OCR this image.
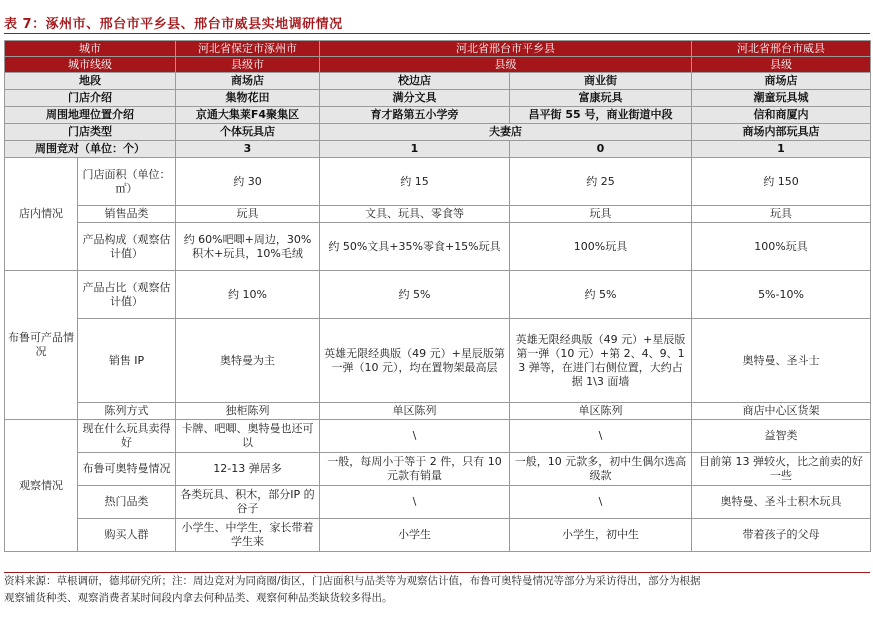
表 7：涿州市、邢台市平乡县、邢台市威县实地调研情况
城市		河北省保定市涿州市	河北省邢台市平乡县		河北省邢台市威县
城市线级		县级市	县级		县级
地段		商场店	校边店	商业街	商场店
门店介绍		集物花田	满分文具	富康玩具	潮童玩具城
周围地理位置介绍		京通大集莱F4聚集区	育才路第五小学旁	昌平街 55 号，商业街道中段	信和商厦内
门店类型		个体玩具店	夫妻店		商场内部玩具店
周围竞对（单位：个）		3	1	0	1
店内情况	门店面积（单位：㎡）	约 30	约 15	约 25	约 150
	销售品类	玩具	文具、玩具、零食等	玩具	玩具
	产品构成（观察估计值）	约 60%吧唧+周边，30%积木+玩具，10%毛绒	约 50%文具+35%零食+15%玩具	100%玩具	100%玩具
布鲁可产品情况	产品占比（观察估计值）	约 10%	约 5%	约 5%	5%-10%
	销售 IP	奥特曼为主	英雄无限经典版（49 元）+星辰版第一弹（10 元），均在置物架最高层	英雄无限经典版（49 元）+星辰版第一弹（10 元）+第 2、4、9、13 弹等，在进门右侧位置，大约占据 1\3 面墙	奥特曼、圣斗士
	陈列方式	独柜陈列	单区陈列	单区陈列	商店中心区货架
观察情况	现在什么玩具卖得好	卡牌、吧唧、奥特曼也还可以	\	\	益智类
	布鲁可奥特曼情况	12-13 弹居多	一般，每周小于等于 2 件，只有 10 元款有销量	一般，10 元款多，初中生偶尔选高级款	目前第 13 弹较火，比之前卖的好一些
	热门品类	各类玩具、积木，部分IP 的谷子	\	\	奥特曼、圣斗士积木玩具
	购买人群	小学生、中学生，家长带着学生来	小学生	小学生，初中生	带着孩子的父母
资料来源：草根调研，德邦研究所；注：周边竞对为同商圈/街区，门店面积与品类等为观察估计值，布鲁可奥特曼情况等部分为采访得出，部分为根据
观察铺货种类、观察消费者某时间段内拿去何种品类、观察何种品类缺货较多得出。
